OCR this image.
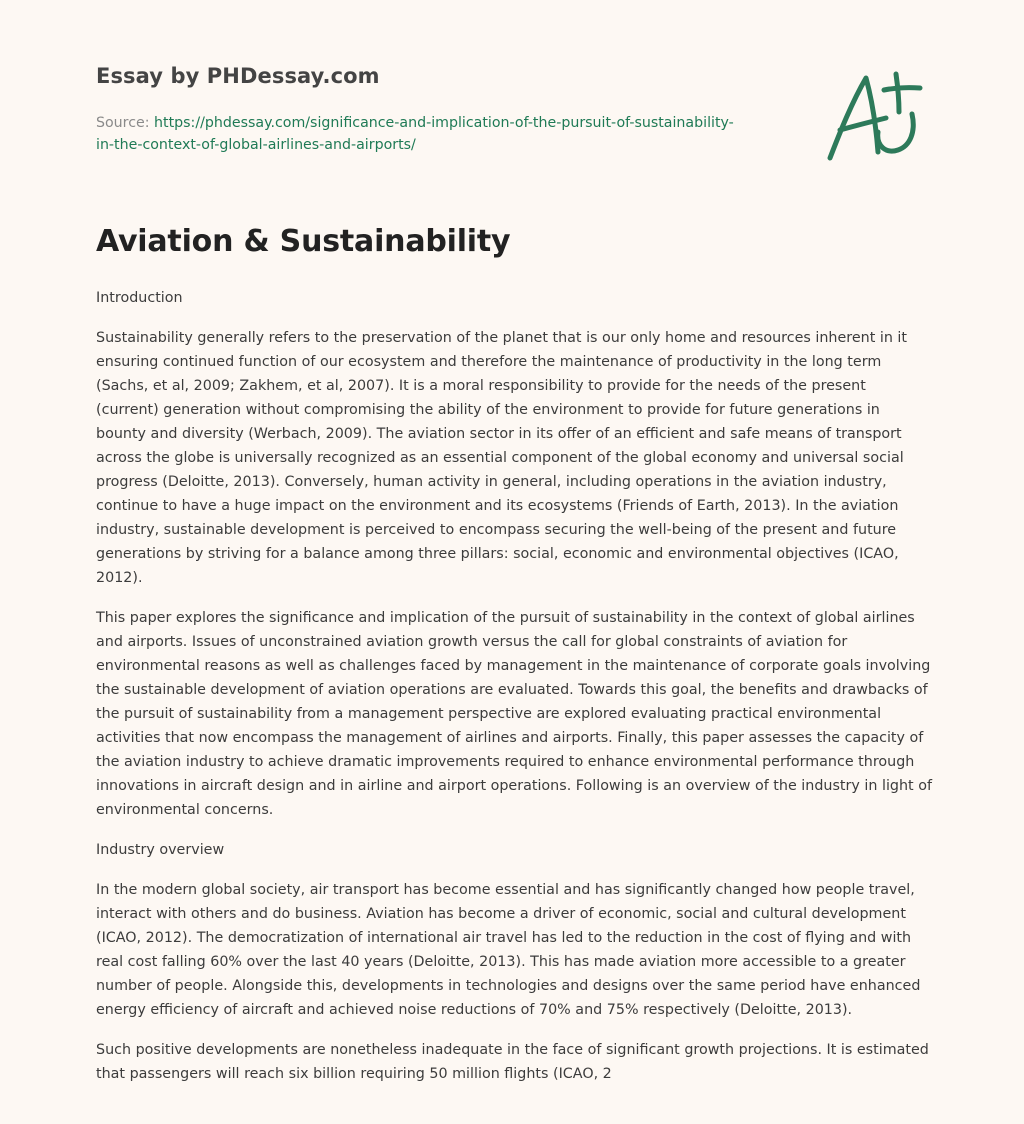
Essay by PHDessay.com
Source: https://phdessay.com/significance-and-implication-of-the-pursuit-of-sustainability-in-the-context-of-global-airlines-and-airports/
Aviation & Sustainability

Introduction

Sustainability generally refers to the preservation of the planet that is our only home and resources inherent in it ensuring continued function of our ecosystem and therefore the maintenance of productivity in the long term (Sachs, et al, 2009; Zakhem, et al, 2007). It is a moral responsibility to provide for the needs of the present (current) generation without compromising the ability of the environment to provide for future generations in bounty and diversity (Werbach, 2009). The aviation sector in its offer of an efficient and safe means of transport across the globe is universally recognized as an essential component of the global economy and universal social progress (Deloitte, 2013). Conversely, human activity in general, including operations in the aviation industry, continue to have a huge impact on the environment and its ecosystems (Friends of Earth, 2013). In the aviation industry, sustainable development is perceived to encompass securing the well-being of the present and future generations by striving for a balance among three pillars: social, economic and environmental objectives (ICAO, 2012).

This paper explores the significance and implication of the pursuit of sustainability in the context of global airlines and airports. Issues of unconstrained aviation growth versus the call for global constraints of aviation for environmental reasons as well as challenges faced by management in the maintenance of corporate goals involving the sustainable development of aviation operations are evaluated. Towards this goal, the benefits and drawbacks of the pursuit of sustainability from a management perspective are explored evaluating practical environmental activities that now encompass the management of airlines and airports. Finally, this paper assesses the capacity of the aviation industry to achieve dramatic improvements required to enhance environmental performance through innovations in aircraft design and in airline and airport operations. Following is an overview of the industry in light of environmental concerns.

Industry overview

In the modern global society, air transport has become essential and has significantly changed how people travel, interact with others and do business. Aviation has become a driver of economic, social and cultural development (ICAO, 2012). The democratization of international air travel has led to the reduction in the cost of flying and with real cost falling 60% over the last 40 years (Deloitte, 2013). This has made aviation more accessible to a greater number of people. Alongside this, developments in technologies and designs over the same period have enhanced energy efficiency of aircraft and achieved noise reductions of 70% and 75% respectively (Deloitte, 2013).

Such positive developments are nonetheless inadequate in the face of significant growth projections. It is estimated that passengers will reach six billion requiring 50 million flights (ICAO, 2
